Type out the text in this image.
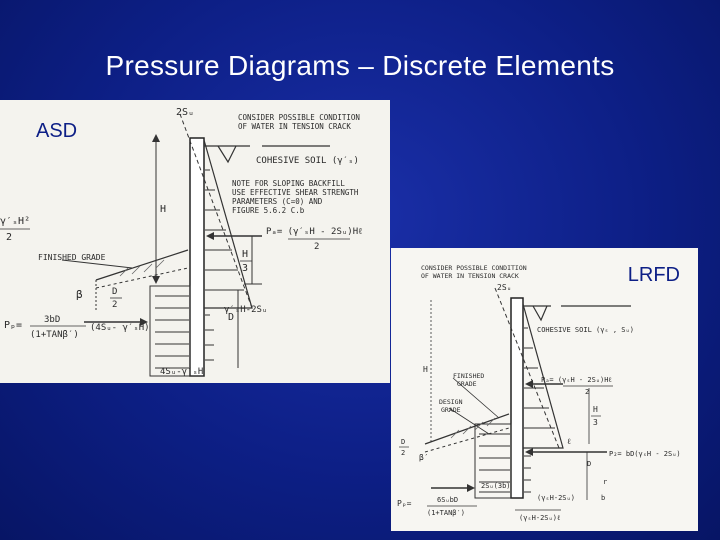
Pressure Diagrams – Discrete Elements
2Sᵤ	CONSIDER POSSIBLE CONDITION
OF WATER IN TENSION CRACK
COHESIVE SOIL (γ′ₛ)
NOTE FOR SLOPING BACKFILL
USE EFFECTIVE SHEAR STRENGTH
PARAMETERS (C=0) AND
FIGURE 5.6.2 C.b
H
γ′ₛH²
2
FINISHED GRADE
Pₐ= (γ′ₛH - 2Sᵤ)Hℓ
2
H
3
β	D
2
D
γ′ₛH-2Sᵤ
Pₚ= 3bD
(1+TANβ′)
(4Sᵤ- γ′ₛH)
4Sᵤ-γ′ₛH
ASD
CONSIDER POSSIBLE CONDITION
OF WATER IN TENSION CRACK
2Sᵤ
COHESIVE SOIL (γₛ , Sᵤ)
FINISHED
GRADE
DESIGN
GRADE
H
Pₐ= (γₛH - 2Sᵤ)Hℓ
2
H
3
D
2 β′
ℓ
P₂= bD(γₛH - 2Sᵤ)
D
r
b
2Sᵤ(3b)
Pₚ=	6SᵤbD
(1+TANβ′)
(γₛH-2Sᵤ)
(γₛH-2Sᵤ)ℓ
LRFD
